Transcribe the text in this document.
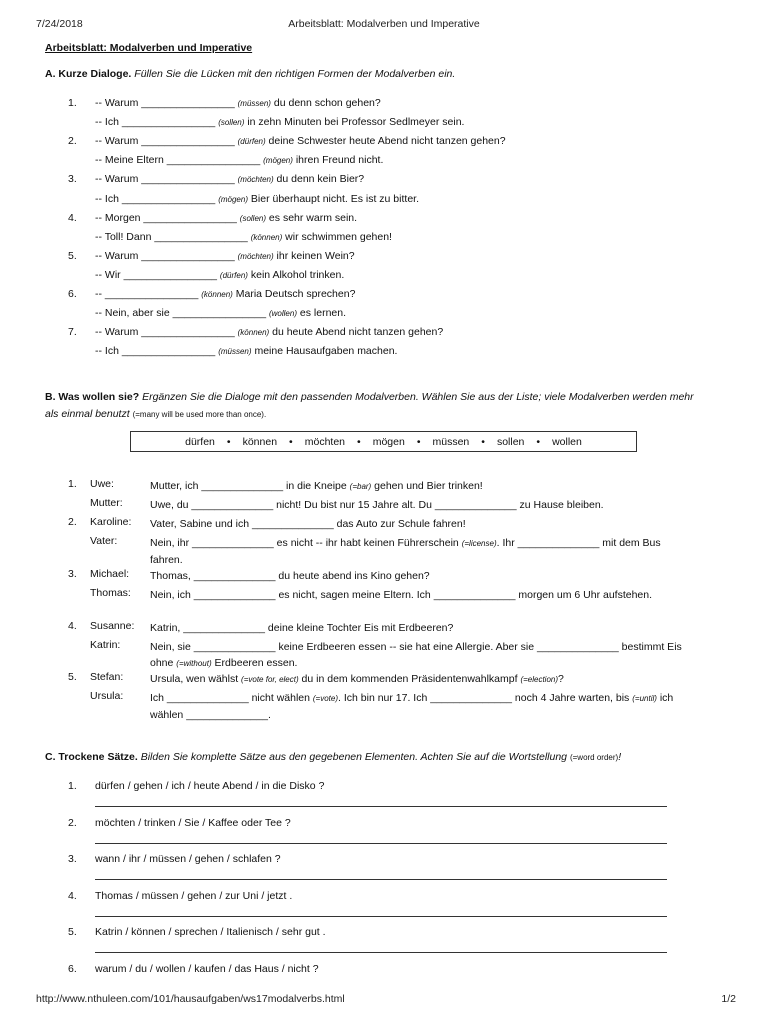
7/24/2018	Arbeitsblatt: Modalverben und Imperative
Arbeitsblatt: Modalverben und Imperative
A. Kurze Dialoge. Füllen Sie die Lücken mit den richtigen Formen der Modalverben ein.
1. -- Warum ________________ (müssen) du denn schon gehen?
-- Ich ________________ (sollen) in zehn Minuten bei Professor Sedlmeyer sein.
2. -- Warum ________________ (dürfen) deine Schwester heute Abend nicht tanzen gehen?
-- Meine Eltern ________________ (mögen) ihren Freund nicht.
3. -- Warum ________________ (möchten) du denn kein Bier?
-- Ich ________________ (mögen) Bier überhaupt nicht. Es ist zu bitter.
4. -- Morgen ________________ (sollen) es sehr warm sein.
-- Toll! Dann ________________ (können) wir schwimmen gehen!
5. -- Warum ________________ (möchten) ihr keinen Wein?
-- Wir ________________ (dürfen) kein Alkohol trinken.
6. -- ________________ (können) Maria Deutsch sprechen?
-- Nein, aber sie ________________ (wollen) es lernen.
7. -- Warum ________________ (können) du heute Abend nicht tanzen gehen?
-- Ich ________________ (müssen) meine Hausaufgaben machen.
B. Was wollen sie? Ergänzen Sie die Dialoge mit den passenden Modalverben. Wählen Sie aus der Liste; viele Modalverben werden mehr als einmal benutzt (=many will be used more than once).
dürfen	•	können	•	möchten	•	mögen	•	müssen	•	sollen	•	wollen
1. Uwe:	Mutter, ich ______________ in die Kneipe (=bar) gehen und Bier trinken!
Mutter:	Uwe, du ______________ nicht! Du bist nur 15 Jahre alt. Du ______________ zu Hause bleiben.
2. Karoline: Vater, Sabine und ich ______________ das Auto zur Schule fahren!
Vater:	Nein, ihr ______________ es nicht -- ihr habt keinen Führerschein (=license). Ihr ______________ mit dem Bus fahren.
3. Michael: Thomas, ______________ du heute abend ins Kino gehen?
Thomas: Nein, ich ______________ es nicht, sagen meine Eltern. Ich ______________ morgen um 6 Uhr aufstehen.
4. Susanne: Katrin, ______________ deine kleine Tochter Eis mit Erdbeeren?
Katrin:	Nein, sie ______________ keine Erdbeeren essen -- sie hat eine Allergie. Aber sie ______________ bestimmt Eis ohne (=without) Erdbeeren essen.
5. Stefan:	Ursula, wen wählst (=vote for, elect) du in dem kommenden Präsidentenwahlkampf (=election)?
Ursula:	Ich ______________ nicht wählen (=vote). Ich bin nur 17. Ich ______________ noch 4 Jahre warten, bis (=until) ich wählen ______________.
C. Trockene Sätze. Bilden Sie komplette Sätze aus den gegebenen Elementen. Achten Sie auf die Wortstellung (=word order)!
1. dürfen / gehen / ich / heute Abend / in die Disko ?
2. möchten / trinken / Sie / Kaffee oder Tee ?
3. wann / ihr / müssen / gehen / schlafen ?
4. Thomas / müssen / gehen / zur Uni / jetzt .
5. Katrin / können / sprechen / Italienisch / sehr gut .
6. warum / du / wollen / kaufen / das Haus / nicht ?
http://www.nthuleen.com/101/hausaufgaben/ws17modalverbs.html	1/2
